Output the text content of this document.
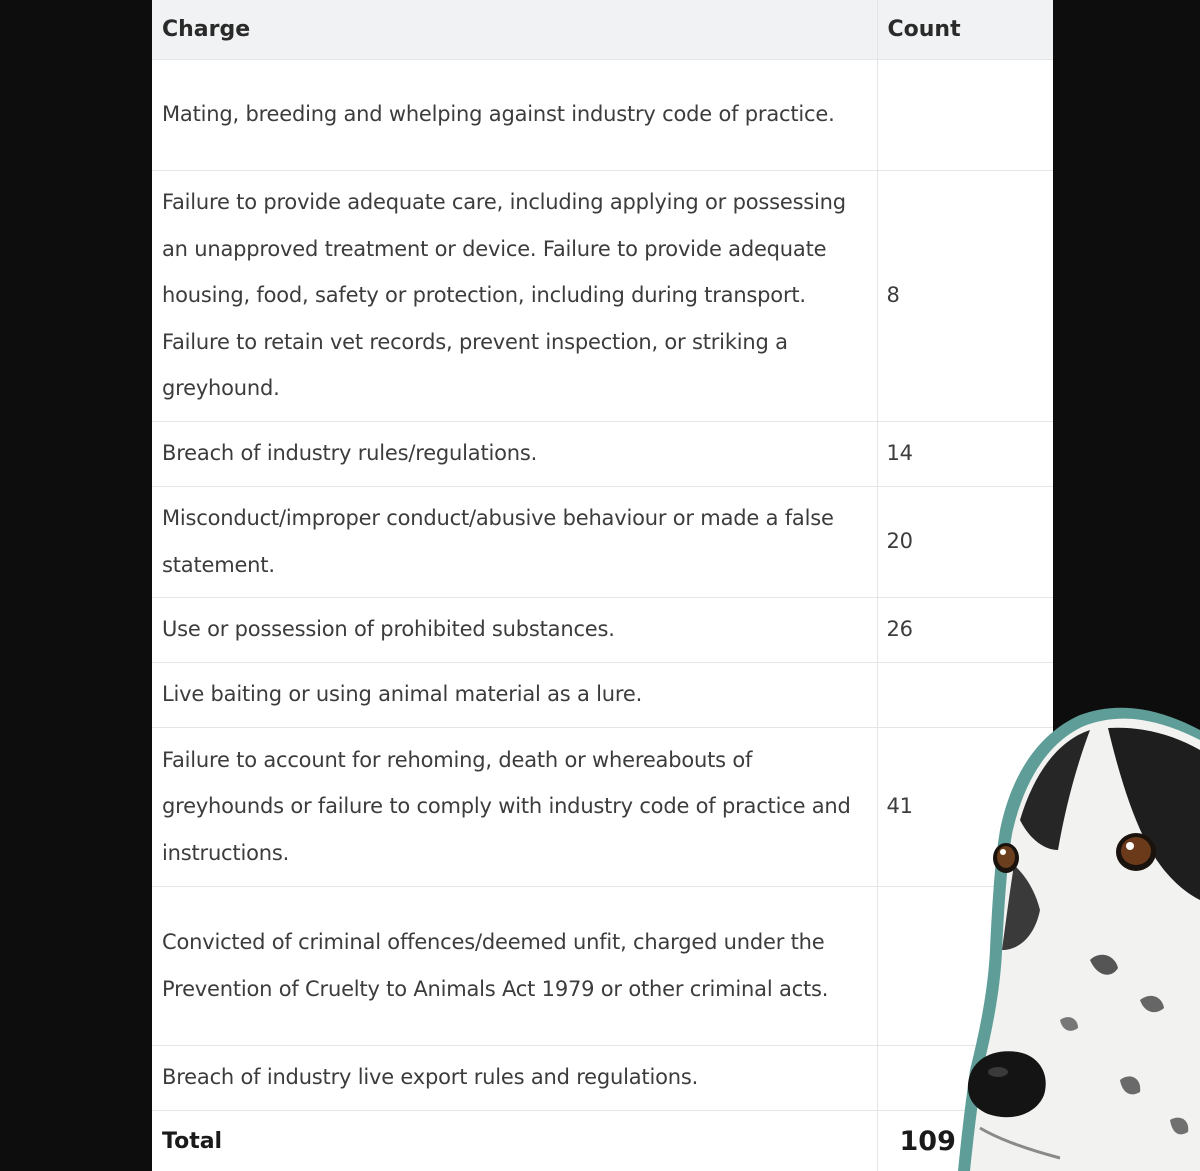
Charge	Count
Mating, breeding and whelping against industry code of practice.	
Failure to provide adequate care, including applying or possessing an unapproved treatment or device. Failure to provide adequate housing, food, safety or protection, including during transport. Failure to retain vet records, prevent inspection, or striking a greyhound.	8
Breach of industry rules/regulations.	14
Misconduct/improper conduct/abusive behaviour or made a false statement.	20
Use or possession of prohibited substances.	26
Live baiting or using animal material as a lure.	
Failure to account for rehoming, death or whereabouts of greyhounds or failure to comply with industry code of practice and instructions.	41
Convicted of criminal offences/deemed unfit, charged under the Prevention of Cruelty to Animals Act 1979 or other criminal acts.	
Breach of industry live export rules and regulations.	
Total	109
